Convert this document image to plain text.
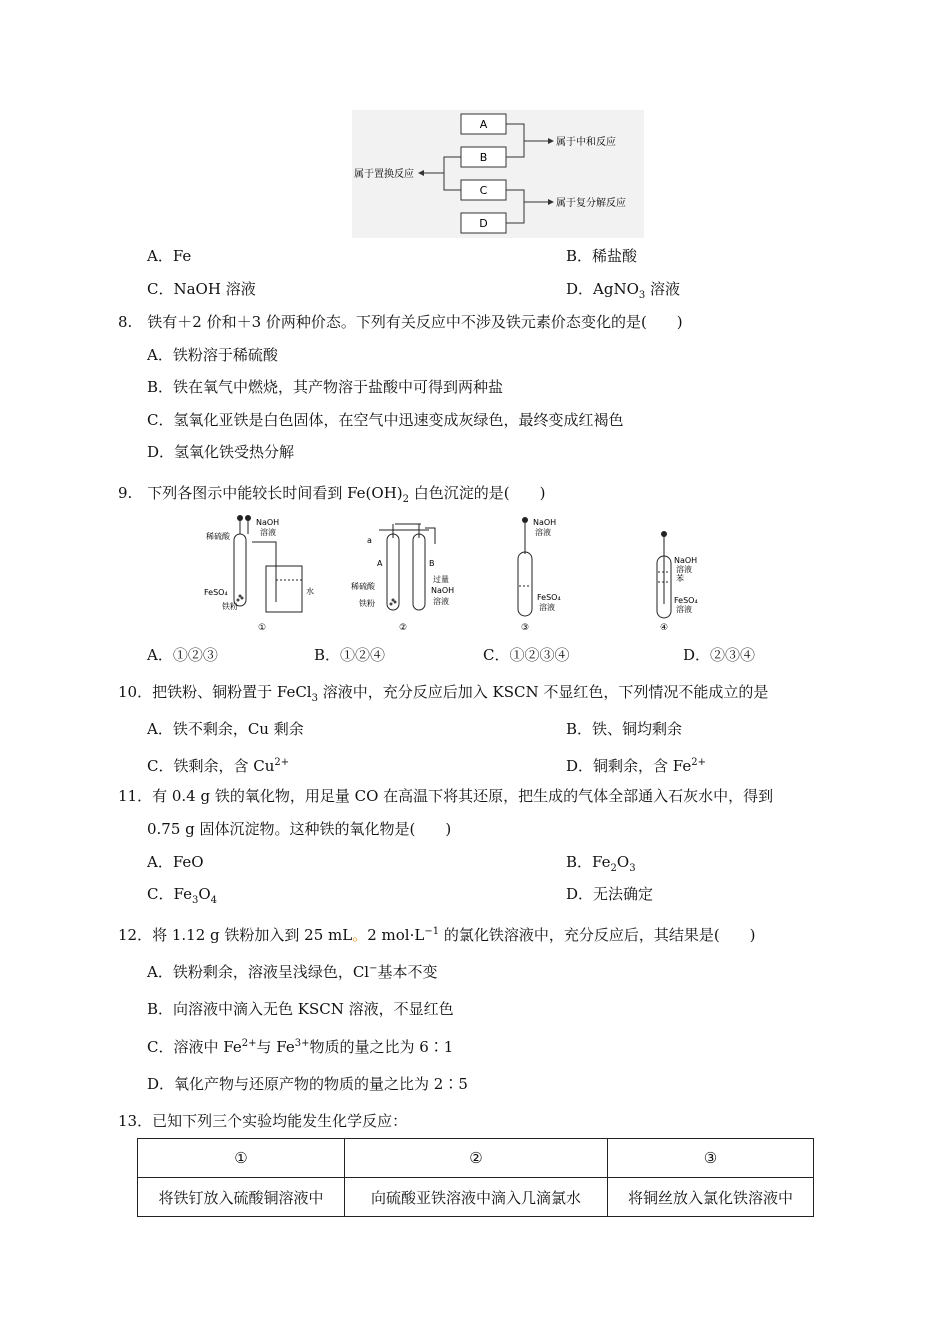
A
B
C
D
属于中和反应
属于复分解反应
属于置换反应
A．Fe	B．稀盐酸
C．NaOH 溶液	D．AgNO$_3$ 溶液
8.　铁有＋2 价和＋3 价两种价态。下列有关反应中不涉及铁元素价态变化的是(　　)
A．铁粉溶于稀硫酸
B．铁在氧气中燃烧，其产物溶于盐酸中可得到两种盐
C．氢氧化亚铁是白色固体，在空气中迅速变成灰绿色，最终变成红褐色
D．氢氧化铁受热分解
9.　下列各图示中能较长时间看到 $Fe(OH)_2$ 白色沉淀的是(　　)
稀硫酸
NaOH
溶液
FeSO₄
铁粉
水
①
a
A	B
稀硫酸
铁粉
过量
NaOH
溶液
②
NaOH
溶液
FeSO₄
溶液
③
NaOH
溶液
苯
FeSO₄
溶液
④
A．①②③	B．①②④	C．①②③④	D．②③④
10．把铁粉、铜粉置于 FeCl$_3$ 溶液中，充分反应后加入 KSCN 不显红色，下列情况不能成立的是
A．铁不剩余，Cu 剩余	B．铁、铜均剩余
C．铁剩余，含 $Cu^{2+}$	D．铜剩余，含 $Fe^{2+}$
11．有 0.4 g 铁的氧化物，用足量 CO 在高温下将其还原，把生成的气体全部通入石灰水中，得到
0.75 g 固体沉淀物。这种铁的氧化物是(　　)
A．FeO	B．$Fe_2O_3$
C．$Fe_3O_4$	D．无法确定
12．将 1.12 g 铁粉加入到 25 mL。2 $mol\cdot L^{-1}$ 的氯化铁溶液中，充分反应后，其结果是(　　)
A．铁粉剩余，溶液呈浅绿色，Cl−基本不变
B．向溶液中滴入无色 KSCN 溶液，不显红色
C．溶液中 $Fe^{2+}$与 $Fe^{3+}$物质的量之比为 6∶1
D．氧化产物与还原产物的物质的量之比为 2∶5
13．已知下列三个实验均能发生化学反应：
①	②	③
将铁钉放入硫酸铜溶液中	向硫酸亚铁溶液中滴入几滴氯水	将铜丝放入氯化铁溶液中
